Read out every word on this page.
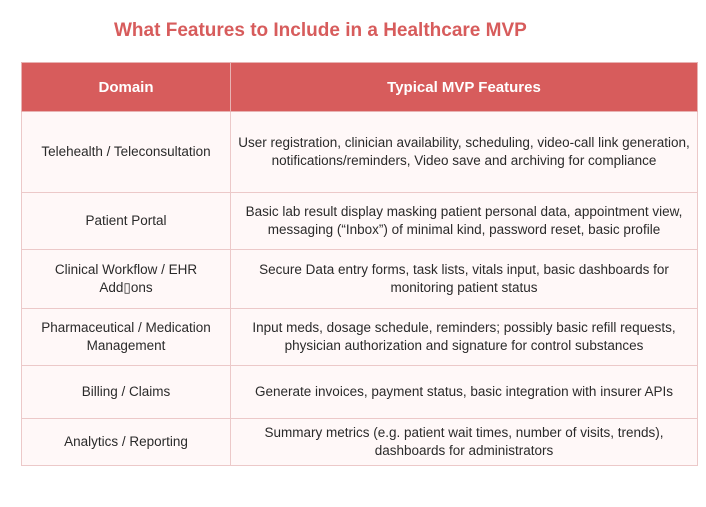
What Features to Include in a Healthcare MVP
Domain	Typical MVP Features
Telehealth / Teleconsultation	User registration, clinician availability, scheduling, video-call link generation, notifications/reminders, Video save and archiving for compliance
Patient Portal	Basic lab result display masking patient personal data, appointment view, messaging (“Inbox”) of minimal kind, password reset, basic profile
Clinical Workflow / EHR Add▯ons	Secure Data entry forms, task lists, vitals input, basic dashboards for monitoring patient status
Pharmaceutical / Medication Management	Input meds, dosage schedule, reminders; possibly basic refill requests, physician authorization and signature for control substances
Billing / Claims	Generate invoices, payment status, basic integration with insurer APIs
Analytics / Reporting	Summary metrics (e.g. patient wait times, number of visits, trends), dashboards for administrators
